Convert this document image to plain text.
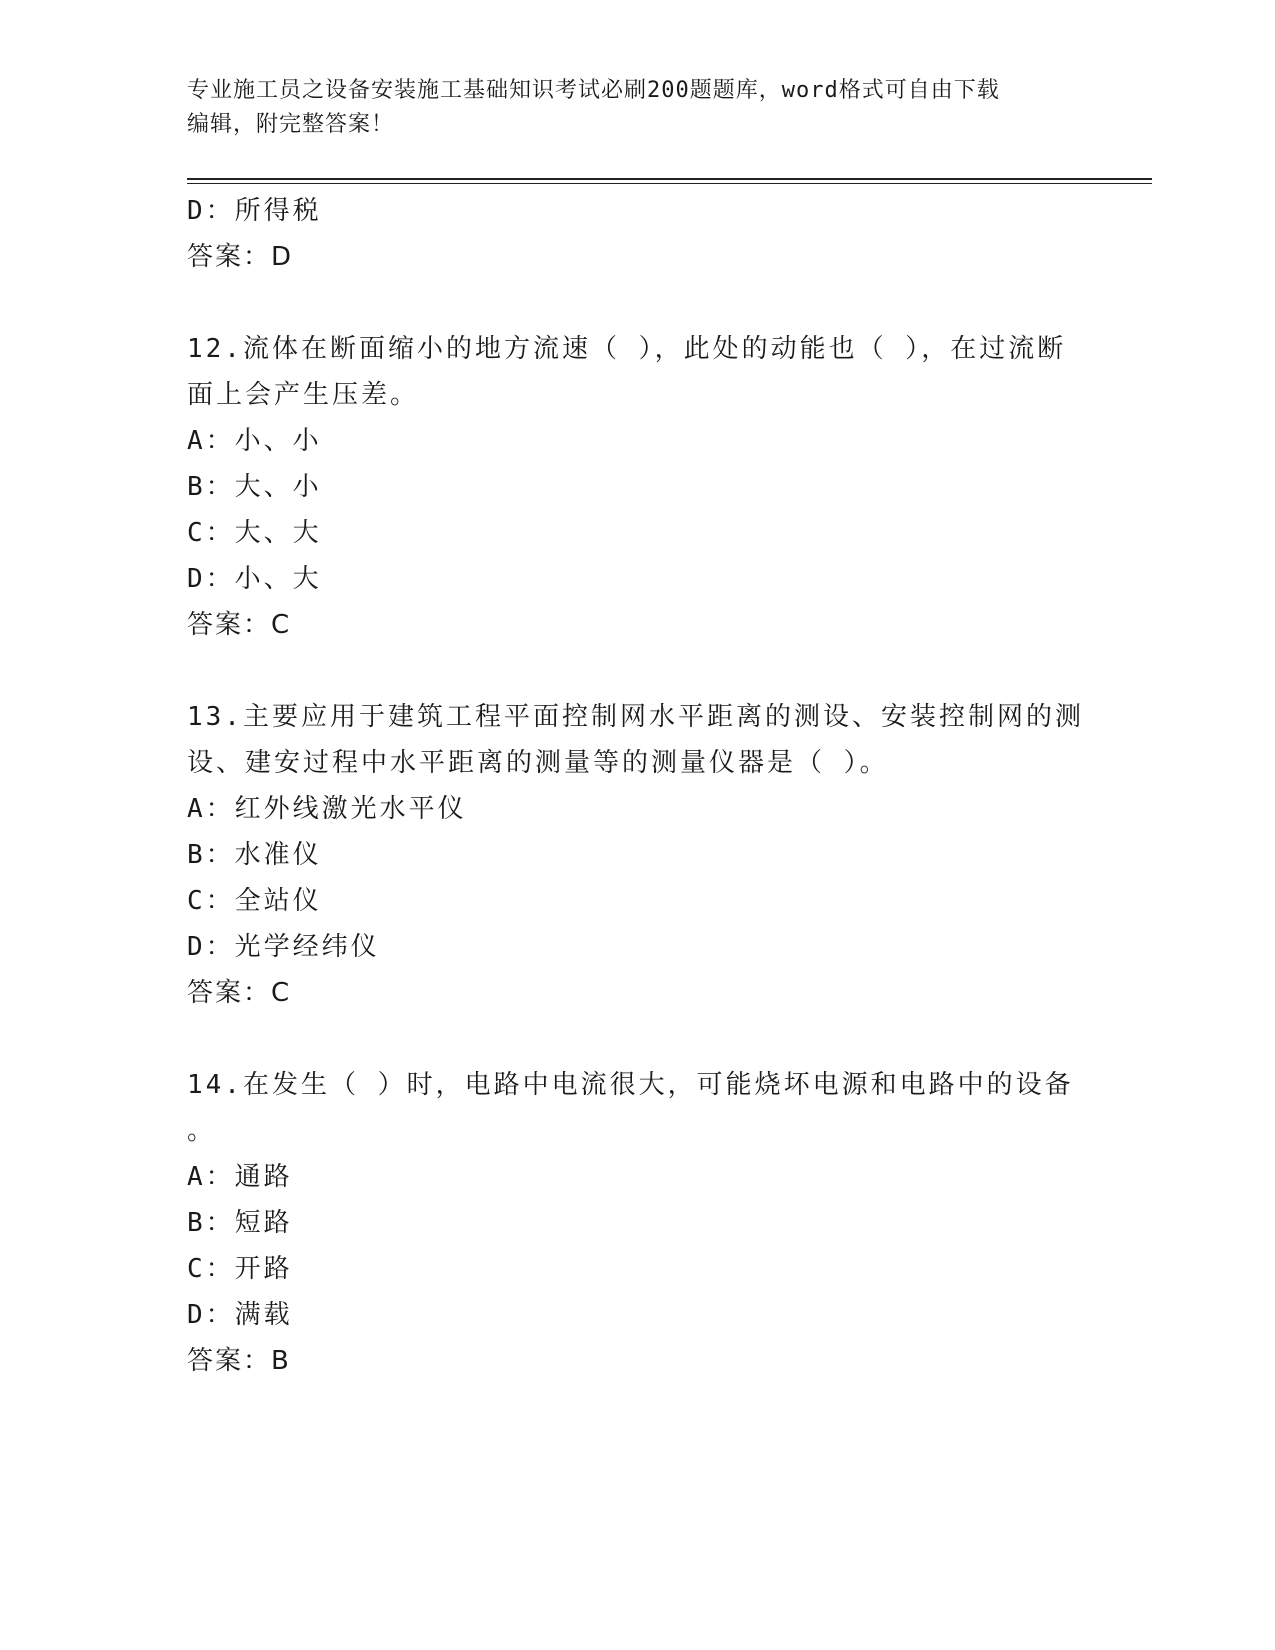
专业施工员之设备安装施工基础知识考试必刷200题题库，word格式可自由下载
编辑，附完整答案！
D：所得税
答案：D
12.流体在断面缩小的地方流速（ ），此处的动能也（ ），在过流断
面上会产生压差。
A：小、小
B：大、小
C：大、大
D：小、大
答案：C
13.主要应用于建筑工程平面控制网水平距离的测设、安装控制网的测
设、建安过程中水平距离的测量等的测量仪器是（ ）。
A：红外线激光水平仪
B：水准仪
C：全站仪
D：光学经纬仪
答案：C
14.在发生（ ）时，电路中电流很大，可能烧坏电源和电路中的设备
。
A：通路
B：短路
C：开路
D：满载
答案：B
